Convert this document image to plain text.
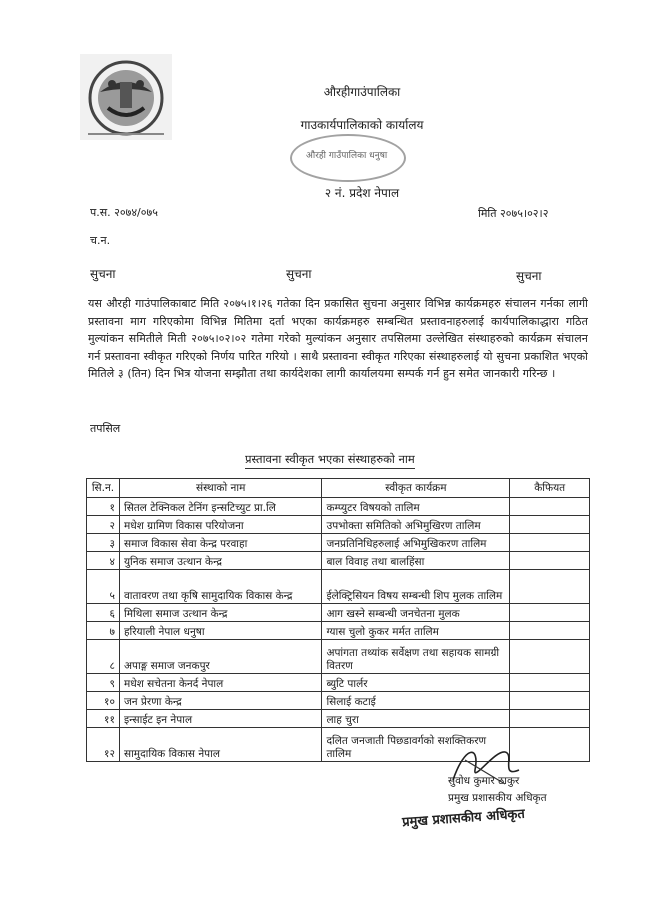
औरहीगाउंपालिका
गाउकार्यपालिकाको कार्यालय
औरही गाउँपालिका धनुषा
२ नं. प्रदेश नेपाल
प.स. २०७४/०७५	मिति २०७५।०२।२
च.न.
सुचना	सुचना	सुचना
यस औरही गाउंपालिकाबाट मिति २०७५।१।२६ गतेका दिन प्रकासित सुचना अनुसार विभिन्न कार्यक्रमहरु संचालन गर्नका लागी प्रस्तावना माग गरिएकोमा विभिन्न मितिमा दर्ता भएका कार्यक्रमहरु सम्बन्धित प्रस्तावनाहरुलाई कार्यपालिकाद्धारा गठित मुल्यांकन समितीले मिती २०७५।०२।०२ गतेमा गरेको मुल्यांकन अनुसार तपसिलमा उल्लेखित संस्थाहरुको कार्यक्रम संचालन गर्न प्रस्तावना स्वीकृत गरिएको निर्णय पारित गरियो । साथै प्रस्तावना स्वीकृत गरिएका संस्थाहरुलाई यो सुचना प्रकाशित भएको मितिले ३ (तिन) दिन भित्र योजना सम्झौता तथा कार्यदेशका लागी कार्यालयमा सम्पर्क गर्न हुन समेत जानकारी गरिन्छ ।
तपसिल
प्रस्तावना स्वीकृत भएका संस्थाहरुको नाम
सि.न.	संस्थाको नाम	स्वीकृत कार्यक्रम	कैफियत
१	सितल टेक्निकल टेनिंग इन्सटिच्युट प्रा.लि	कम्प्युटर विषयको तालिम	
२	मधेश ग्रामिण विकास परियोजना	उपभोक्ता समितिको अभिमुखिरण तालिम	
३	समाज विकास सेवा केन्द्र परवाहा	जनप्रतिनिधिहरुलाई अभिमुखिकरण तालिम	
४	युनिक समाज उत्थान केन्द्र	बाल विवाह तथा बालहिंसा	
५	वातावरण तथा कृषि सामुदायिक विकास केन्द्र	ईलेक्ट्रिसियन विषय सम्बन्धी शिप मुलक तालिम	
६	मिथिला समाज उत्थान केन्द्र	आग खस्ने सम्बन्धी जनचेतना मुलक	
७	हरियाली नेपाल धनुषा	ग्यास चुलो कुकर मर्मत तालिम	
८	अपाङ्ग समाज जनकपुर	अपांगता तथ्यांक सर्वेक्षण तथा सहायक सामग्री वितरण	
९	मधेश सचेतना केनर्द नेपाल	ब्युटि पार्लर	
१०	जन प्रेरणा केन्द्र	सिलाई कटाई	
११	इन्साईट इन नेपाल	लाह चुरा	
१२	सामुदायिक विकास नेपाल	दलित जनजाती पिछडावर्गको सशक्तिकरण तालिम	
सुवोध कुमार ठाकुर
प्रमुख प्रशासकीय अधिकृत
प्रमुख प्रशासकीय अधिकृत
